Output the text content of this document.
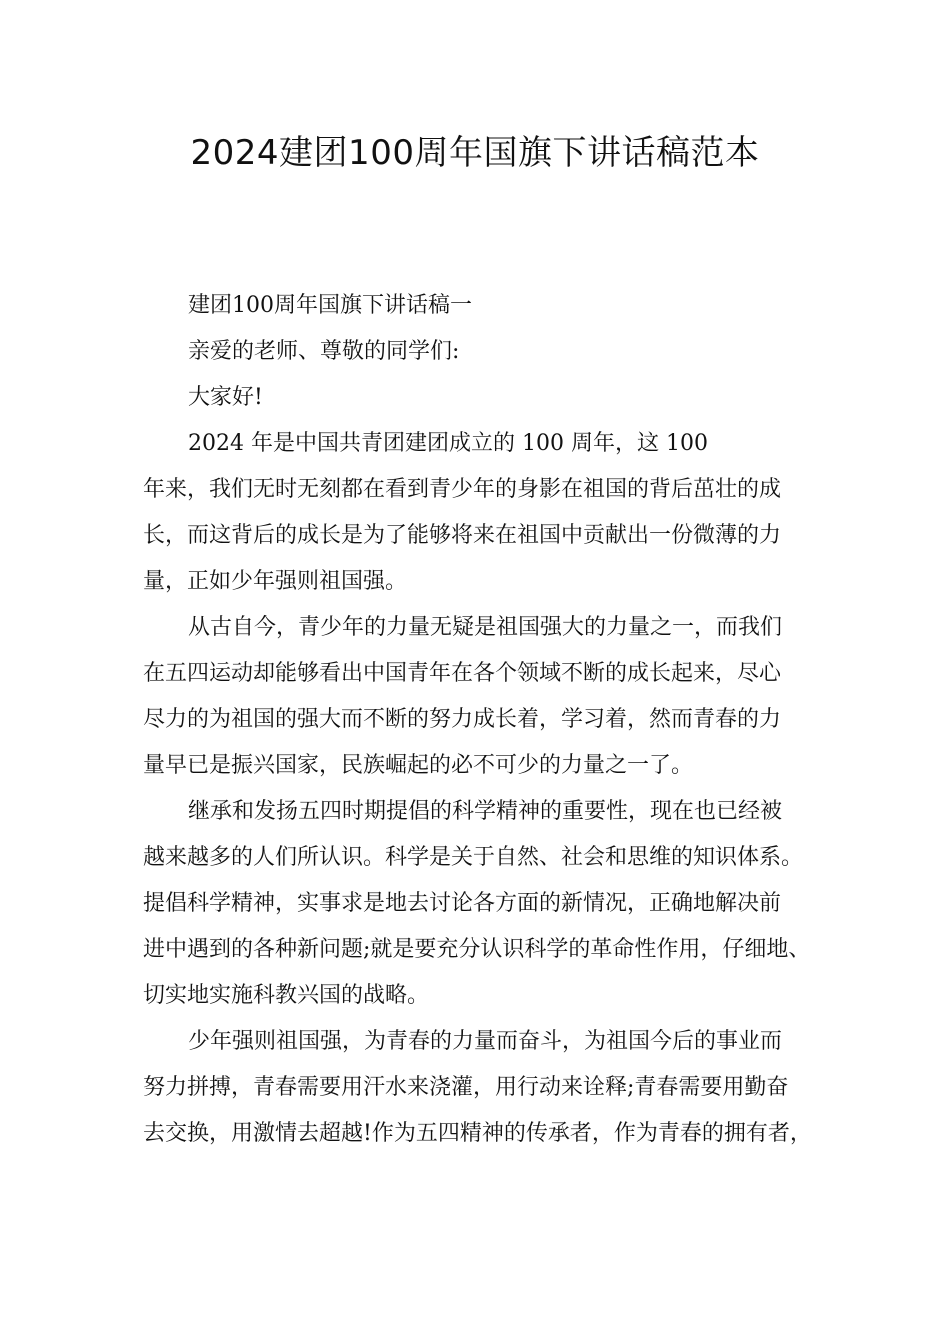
2024建团100周年国旗下讲话稿范本
建团100周年国旗下讲话稿一
亲爱的老师、尊敬的同学们:
大家好!
2024 年是中国共青团建团成立的 100 周年，这 100
年来，我们无时无刻都在看到青少年的身影在祖国的背后茁壮的成
长，而这背后的成长是为了能够将来在祖国中贡献出一份微薄的力
量，正如少年强则祖国强。
从古自今，青少年的力量无疑是祖国强大的力量之一，而我们
在五四运动却能够看出中国青年在各个领域不断的成长起来，尽心
尽力的为祖国的强大而不断的努力成长着，学习着，然而青春的力
量早已是振兴国家，民族崛起的必不可少的力量之一了。
继承和发扬五四时期提倡的科学精神的重要性，现在也已经被
越来越多的人们所认识。科学是关于自然、社会和思维的知识体系。
提倡科学精神，实事求是地去讨论各方面的新情况，正确地解决前
进中遇到的各种新问题;就是要充分认识科学的革命性作用，仔细地、
切实地实施科教兴国的战略。
少年强则祖国强，为青春的力量而奋斗，为祖国今后的事业而
努力拼搏，青春需要用汗水来浇灌，用行动来诠释;青春需要用勤奋
去交换，用激情去超越!作为五四精神的传承者，作为青春的拥有者，
